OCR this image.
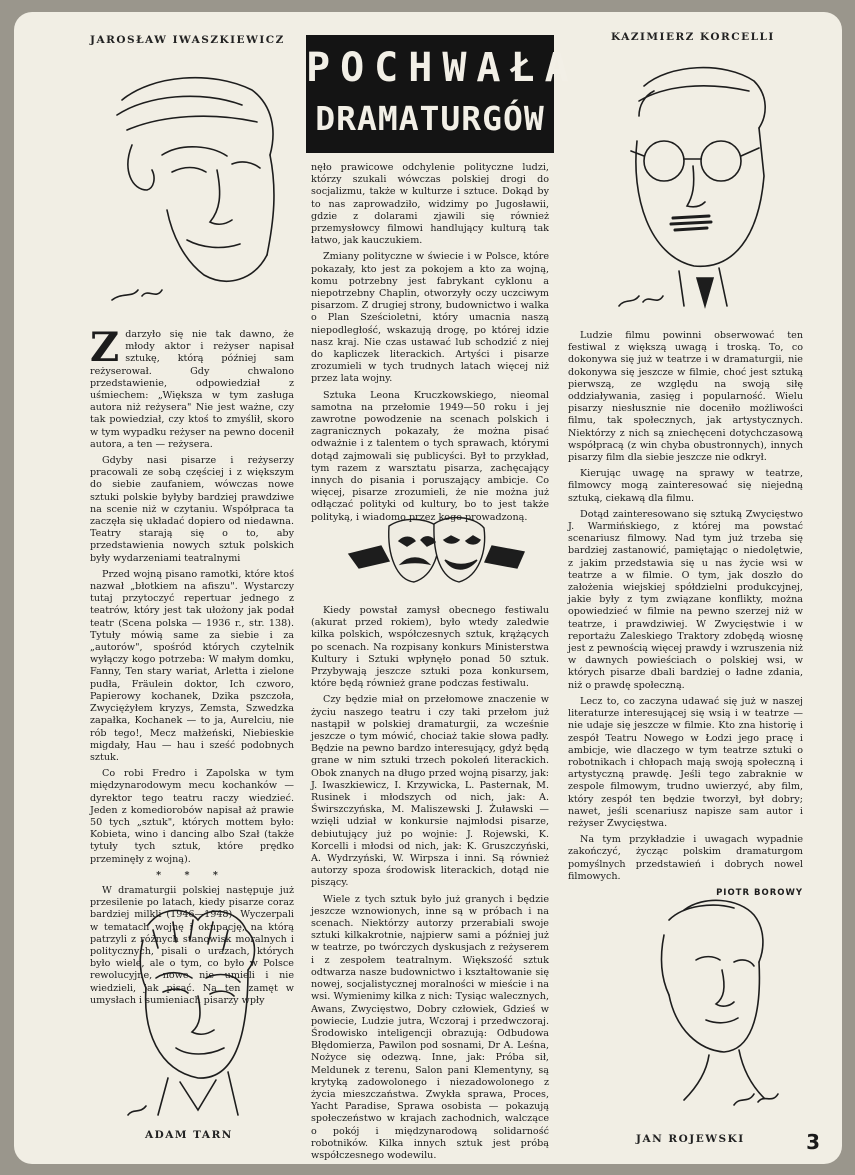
JAROSŁAW IWASZKIEWICZ	KAZIMIERZ KORCELLI
ADAM TARN	JAN ROJEWSKI
POCHWAŁA
DRAMATURGÓW

Zdarzyło się nie tak dawno, że młody aktor i reżyser napisał sztukę, którą później sam reżyserował. Gdy chwalono przedstawienie, odpowiedział z uśmiechem: „Większa w tym zasługa autora niż reżysera" Nie jest ważne, czy tak powiedział, czy ktoś to zmyślił, skoro w tym wypadku reżyser na pewno docenił autora, a ten — reżysera.

Gdyby nasi pisarze i reżyserzy pracowali ze sobą częściej i z większym do siebie zaufaniem, wówczas nowe sztuki polskie byłyby bardziej prawdziwe na scenie niż w czytaniu. Współpraca ta zaczęła się układać dopiero od niedawna. Teatry starają się o to, aby przedstawienia nowych sztuk polskich były wydarzeniami teatralnymi

Przed wojną pisano ramotki, które ktoś nazwał „błotkiem na afiszu". Wystarczy tutaj przytoczyć repertuar jednego z teatrów, który jest tak ułożony jak podał teatr (Scena polska — 1936 r., str. 138). Tytuły mówią same za siebie i za „autorów", spośród których czytelnik wyłączy kogo potrzeba: W małym domku, Fanny, Ten stary wariat, Arletta i zielone pudła, Fräulein doktor, Ich czworo, Papierowy kochanek, Dzika pszczoła, Zwyciężyłem kryzys, Zemsta, Szwedzka zapałka, Kochanek — to ja, Aurelciu, nie rób tego!, Mecz małżeński, Niebieskie migdały, Hau — hau i sześć podobnych sztuk.

Co robi Fredro i Zapolska w tym międzynarodowym mecu kochanków — dyrektor tego teatru raczy wiedzieć. Jeden z komediorobów napisał aż prawie 50 tych „sztuk", których mottem było: Kobieta, wino i dancing albo Szał (także tytuły tych sztuk, które prędko przeminęły z wojną).

* * *

W dramaturgii polskiej następuje już przesilenie po latach, kiedy pisarze coraz bardziej milkli (1946—1948). Wyczerpali w tematach wojnę i okupację, na którą patrzyli z różnych stanowisk moralnych i politycznych, pisali o urazach, których było wiele, ale o tym, co było w Polsce rewolucyjne, nowe nie umieli i nie wiedzieli, jak pisać. Na ten zamęt w umysłach i sumieniach pisarzy wpły

nęło prawicowe odchylenie polityczne ludzi, którzy szukali wówczas polskiej drogi do socjalizmu, także w kulturze i sztuce. Dokąd by to nas zaprowadziło, widzimy po Jugosławii, gdzie z dolarami zjawili się również przemysłowcy filmowi handlujący kulturą tak łatwo, jak kauczukiem.

Zmiany polityczne w świecie i w Polsce, które pokazały, kto jest za pokojem a kto za wojną, komu potrzebny jest fabrykant cyklonu a niepotrzebny Chaplin, otworzyły oczy uczciwym pisarzom. Z drugiej strony, budownictwo i walka o Plan Sześcioletni, który umacnia naszą niepodległość, wskazują drogę, po której idzie nasz kraj. Nie czas ustawać lub schodzić z niej do kapliczek literackich. Artyści i pisarze zrozumieli w tych trudnych latach więcej niż przez lata wojny.

Sztuka Leona Kruczkowskiego, nieomal samotna na przełomie 1949—50 roku i jej zawrotne powodzenie na scenach polskich i zagranicznych pokazały, że można pisać odważnie i z talentem o tych sprawach, którymi dotąd zajmowali się publicyści. Był to przykład, tym razem z warsztatu pisarza, zachęcający innych do pisania i poruszający ambicje. Co więcej, pisarze zrozumieli, że nie można już odłączać polityki od kultury, bo to jest także polityką, i wiadomo przez kogo prowadzoną.

Kiedy powstał zamysł obecnego festiwalu (akurat przed rokiem), było wtedy zaledwie kilka polskich, współczesnych sztuk, krążących po scenach. Na rozpisany konkurs Ministerstwa Kultury i Sztuki wpłynęło ponad 50 sztuk. Przybywają jeszcze sztuki poza konkursem, które będą również grane podczas festiwalu.

Czy będzie miał on przełomowe znaczenie w życiu naszego teatru i czy taki przełom już nastąpił w polskiej dramaturgii, za wcześnie jeszcze o tym mówić, chociaż takie słowa padły. Będzie na pewno bardzo interesujący, gdyż będą grane w nim sztuki trzech pokoleń literackich. Obok znanych na długo przed wojną pisarzy, jak: J. Iwaszkiewicz, I. Krzywicka, L. Pasternak, M. Rusinek i młodszych od nich, jak: A. Świrszczyńska, M. Maliszewski J. Żuławski — wzięli udział w konkursie najmłodsi pisarze, debiutujący już po wojnie: J. Rojewski, K. Korcelli i młodsi od nich, jak: K. Gruszczyński, A. Wydrzyński, W. Wirpsza i inni. Są również autorzy spoza środowisk literackich, dotąd nie piszący.

Wiele z tych sztuk było już granych i będzie jeszcze wznowionych, inne są w próbach i na scenach. Niektórzy autorzy przerabiali swoje sztuki kilkakrotnie, najpierw sami a później już w teatrze, po twórczych dyskusjach z reżyserem i z zespołem teatralnym. Większość sztuk odtwarza nasze budownictwo i kształtowanie się nowej, socjalistycznej moralności w mieście i na wsi. Wymienimy kilka z nich: Tysiąc walecznych, Awans, Zwycięstwo, Dobry człowiek, Gdzieś w powiecie, Ludzie jutra, Wczoraj i przedwczoraj. Środowisko inteligencji obrazują: Odbudowa Błędomierza, Pawilon pod sosnami, Dr A. Leśna, Nożyce się odezwą. Inne, jak: Próba sił, Meldunek z terenu, Salon pani Klementyny, są krytyką zadowolonego i niezadowolonego z życia mieszczaństwa. Zwykła sprawa, Proces, Yacht Paradise, Sprawa osobista — pokazują społeczeństwo w krajach zachodnich, walczące o pokój i międzynarodową solidarność robotników. Kilka innych sztuk jest próbą współczesnego wodewilu.

Ludzie filmu powinni obserwować ten festiwal z większą uwagą i troską. To, co dokonywa się już w teatrze i w dramaturgii, nie dokonywa się jeszcze w filmie, choć jest sztuką pierwszą, ze względu na swoją siłę oddziaływania, zasięg i popularność. Wielu pisarzy niesłusznie nie doceniło możliwości filmu, tak społecznych, jak artystycznych. Niektórzy z nich są zniechęceni dotychczasową współpracą (z win chyba obustronnych), innych pisarzy film dla siebie jeszcze nie odkrył.

Kierując uwagę na sprawy w teatrze, filmowcy mogą zainteresować się niejedną sztuką, ciekawą dla filmu.

Dotąd zainteresowano się sztuką Zwycięstwo J. Warmińskiego, z której ma powstać scenariusz filmowy. Nad tym już trzeba się bardziej zastanowić, pamiętając o niedolętwie, z jakim przedstawia się u nas życie wsi w teatrze a w filmie. O tym, jak doszło do założenia wiejskiej spółdzielni produkcyjnej, jakie były z tym związane konflikty, można opowiedzieć w filmie na pewno szerzej niż w teatrze, i prawdziwiej. W Zwycięstwie i w reportażu Zaleskiego Traktory zdobędą wiosnę jest z pewnością więcej prawdy i wzruszenia niż w dawnych powieściach o polskiej wsi, w których pisarze dbali bardziej o ładne zdania, niż o prawdę społeczną.

Lecz to, co zaczyna udawać się już w naszej literaturze interesującej się wsią i w teatrze — nie udaje się jeszcze w filmie. Kto zna historię i zespół Teatru Nowego w Łodzi jego pracę i ambicje, wie dlaczego w tym teatrze sztuki o robotnikach i chłopach mają swoją społeczną i artystyczną prawdę. Jeśli tego zabraknie w zespole filmowym, trudno uwierzyć, aby film, który zespół ten będzie tworzył, był dobry; nawet, jeśli scenariusz napisze sam autor i reżyser Zwycięstwa.

Na tym przykładzie i uwagach wypadnie zakończyć, życząc polskim dramaturgom pomyślnych przedstawień i dobrych nowel filmowych.

PIOTR BOROWY
3
